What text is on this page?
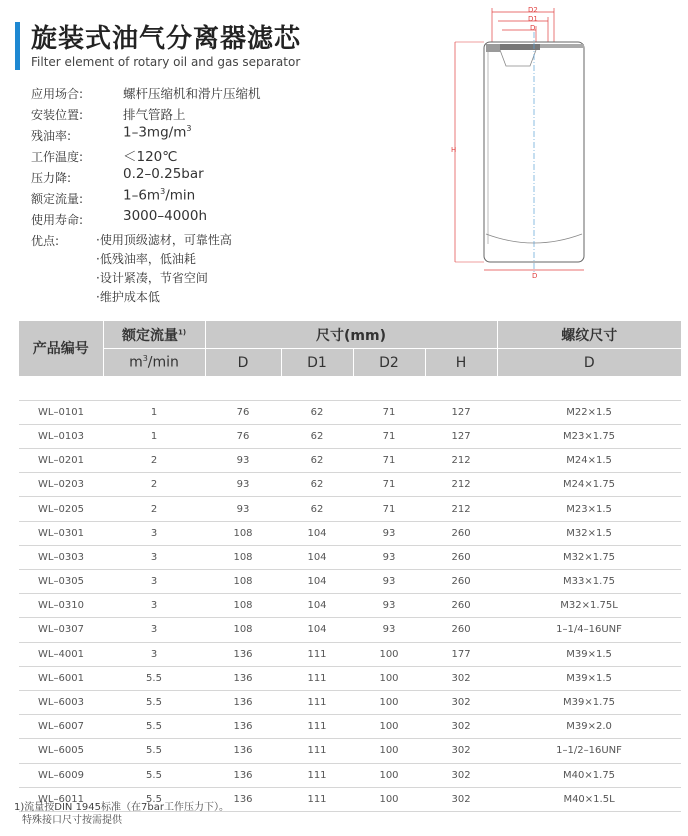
旋装式油气分离器滤芯
Filter element of rotary oil and gas separator
应用场合:	螺杆压缩机和滑片压缩机
安装位置:	排气管路上
残油率:	$1-3mg/m^3$
工作温度:	＜120℃
压力降:	0.2–0.25bar
额定流量:	$1-6m^3/\min$
使用寿命:	3000–4000h
优点:	·使用顶级滤材，可靠性高
·低残油率，低油耗
·设计紧凑，节省空间
·维护成本低
D2
D1
D
H
D
产品编号	额定流量$^{1)}$	尺寸(mm)				螺纹尺寸
	$m^3/\min$	D	D1	D2	H	D

WL–0101	1	76	62	71	127	M22×1.5
WL–0103	1	76	62	71	127	M23×1.75
WL–0201	2	93	62	71	212	M24×1.5
WL–0203	2	93	62	71	212	M24×1.75
WL–0205	2	93	62	71	212	M23×1.5
WL–0301	3	108	104	93	260	M32×1.5
WL–0303	3	108	104	93	260	M32×1.75
WL–0305	3	108	104	93	260	M33×1.75
WL–0310	3	108	104	93	260	M32×1.75L
WL–0307	3	108	104	93	260	1–1/4–16UNF
WL–4001	3	136	111	100	177	M39×1.5
WL–6001	5.5	136	111	100	302	M39×1.5
WL–6003	5.5	136	111	100	302	M39×1.75
WL–6007	5.5	136	111	100	302	M39×2.0
WL–6005	5.5	136	111	100	302	1–1/2–16UNF
WL–6009	5.5	136	111	100	302	M40×1.75
WL–6011	5.5	136	111	100	302	M40×1.5L
1)流量按DIN 1945标准（在7bar工作压力下）。
特殊接口尺寸按需提供
